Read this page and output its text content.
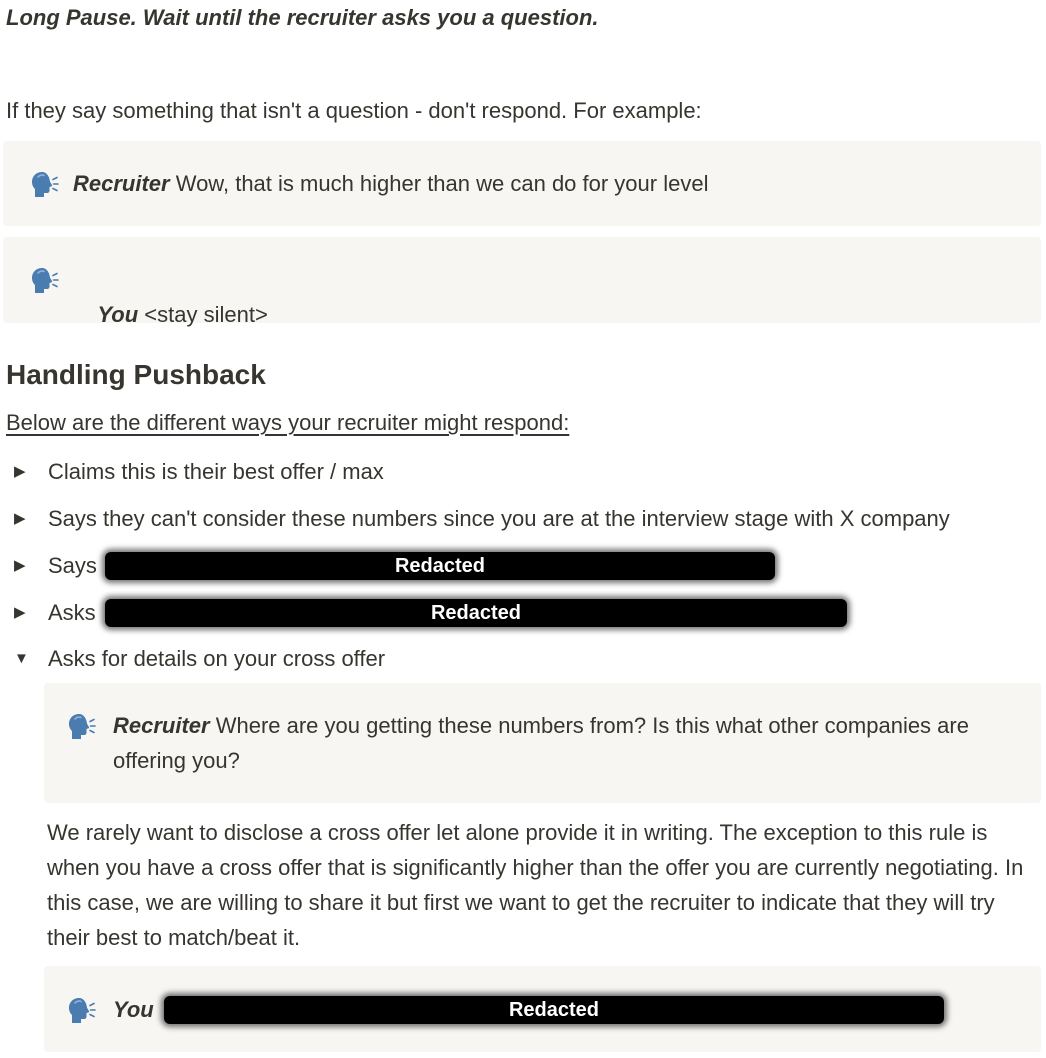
Long Pause. Wait until the recruiter asks you a question.
If they say something that isn't a question - don't respond. For example:
Recruiter Wow, that is much higher than we can do for your level

You <stay silent>

Handling Pushback
Below are the different ways your recruiter might respond:
▶ Claims this is their best offer / max
▶ Says they can't consider these numbers since you are at the interview stage with X company
▶ Says	Redacted
▶ Asks	Redacted
▼ Asks for details on your cross offer
Recruiter Where are you getting these numbers from? Is this what other companies are offering you?
We rarely want to disclose a cross offer let alone provide it in writing. The exception to this rule is when you have a cross offer that is significantly higher than the offer you are currently negotiating. In this case, we are willing to share it but first we want to get the recruiter to indicate that they will try their best to match/beat it.
You	Redacted
